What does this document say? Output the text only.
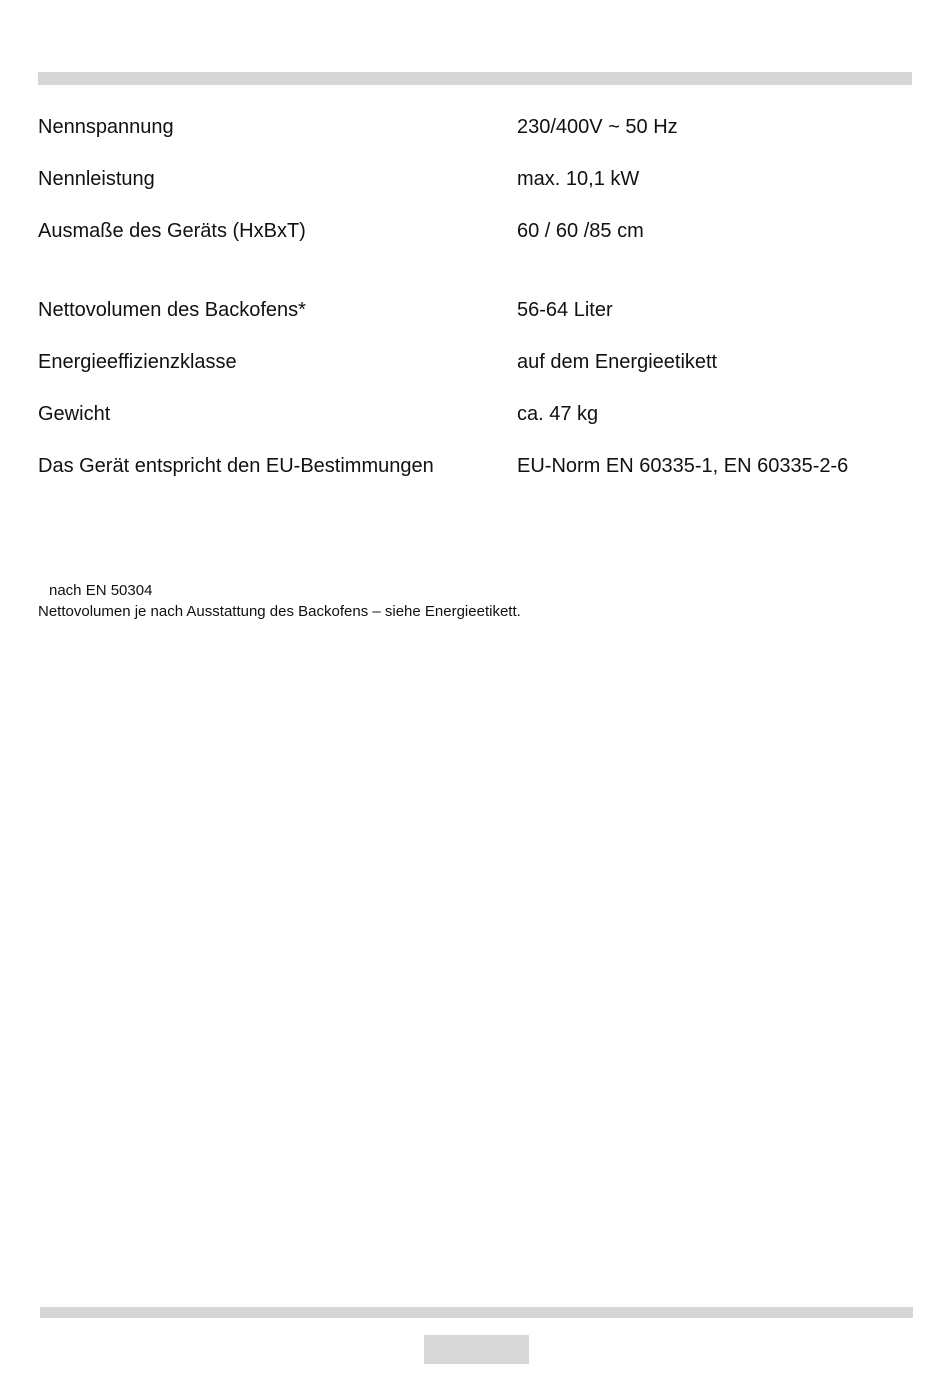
Nennspannung	230/400V ~ 50 Hz
Nennleistung	max. 10,1 kW
Ausmaße des Geräts (HxBxT)	60 / 60 /85 cm
Nettovolumen des Backofens*	56-64 Liter
Energieeffizienzklasse	auf dem Energieetikett
Gewicht	ca. 47 kg
Das Gerät entspricht den EU-Bestimmungen	EU-Norm EN 60335-1, EN 60335-2-6
nach EN 50304
Nettovolumen je nach Ausstattung des Backofens – siehe Energieetikett.
